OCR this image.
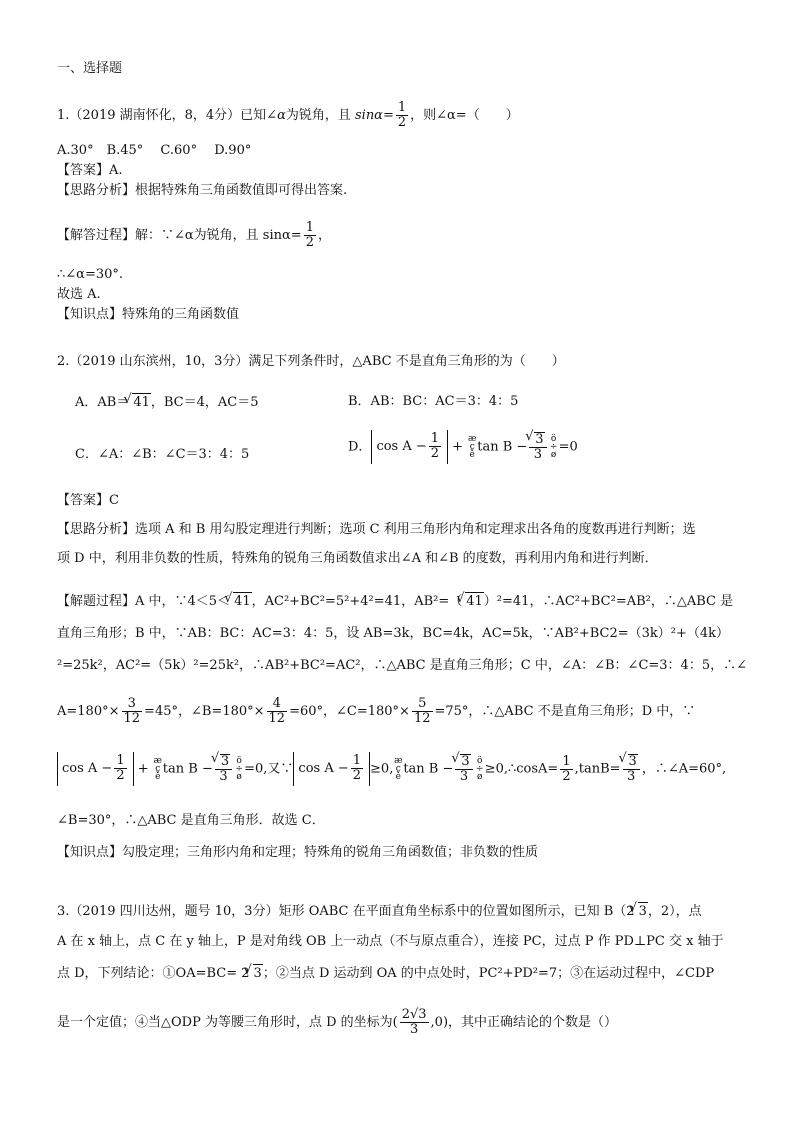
一、选择题
1.（2019 湖南怀化，8，4分）已知∠α为锐角，且 $\sin\alpha= \frac{1}{2}$ ，则∠α=（　　）
A.30°　B.45°　 C.60°　 D.90°
【答案】A.
【思路分析】根据特殊角三角函数值即可得出答案.
【解答过程】解：∵∠α为锐角，且 $\sin\alpha= \frac{1}{2}$ ，
∴∠α=30°.
故选 A.
【知识点】特殊角的三角函数值
2.（2019 山东滨州，10，3分）满足下列条件时，△ABC 不是直角三角形的为（　　）
A．AB＝ √ 41，BC＝4，AC＝5	B．AB：BC：AC＝3：4：5
C．∠A：∠B：∠C＝3：4：5	D． $\cos A - \frac{1}{2}$ + æ
ç
ètan B − √ $\frac{3}{3}$ ö
÷
ø=0
【答案】C
【思路分析】选项 A 和 B 用勾股定理进行判断；选项 C 利用三角形内角和定理求出各角的度数再进行判断；选
项 D 中，利用非负数的性质，特殊角的锐角三角函数值求出∠A 和∠B 的度数，再利用内角和进行判断．
【解题过程】A 中，∵4＜5＜ √ 41，AC²+BC²=5²+4²=41，AB²=（ √ 41）²=41，∴AC²+BC²=AB²，∴△ABC 是
直角三角形；B 中，∵AB：BC：AC=3：4：5，设 AB=3k，BC=4k，AC=5k，∵AB²+BC2=（3k）²+（4k）
²=25k²，AC²=（5k）²=25k²，∴AB²+BC²=AC²，∴△ABC 是直角三角形；C 中，∠A：∠B：∠C=3：4：5，∴∠
$A=180^\circ\times \frac{3}{12} =45^\circ$，∠B=180°× $\frac{4}{12} =60^\circ$，∠C=180°× $\frac{5}{12} =75^\circ$，∴△ABC 不是直角三角形；D 中，∵
$\cos A - \frac{1}{2}$ + æ
ç
ètan B − √ $\frac{3}{3}$ ö
÷
ø=0,又∵ $\cos A - \frac{1}{2}$ ≥0,æ
ç
ètan B − √ $\frac{3}{3}$ ö
÷
ø≥0,∴cosA= $\frac{1}{2} ,\tan B=$ √ $\frac{3}{3}$ ，∴∠A=60°,
∠B=30°，∴△ABC 是直角三角形．故选 C．
【知识点】勾股定理；三角形内角和定理；特殊角的锐角三角函数值；非负数的性质
3.（2019 四川达州，题号 10，3分）矩形 OABC 在平面直角坐标系中的位置如图所示，已知 B（2 √ 3，2），点
A 在 x 轴上，点 C 在 y 轴上，P 是对角线 OB 上一动点（不与原点重合），连接 PC，过点 P 作 PD⊥PC 交 x 轴于
点 D，下列结论：①OA=BC= 2 √ 3；②当点 D 运动到 OA 的中点处时，PC²+PD²=7；③在运动过程中，∠CDP
是一个定值；④当△ODP 为等腰三角形时，点 D 的坐标为( $\frac{2√3}{3} ,0$)，其中正确结论的个数是（）
